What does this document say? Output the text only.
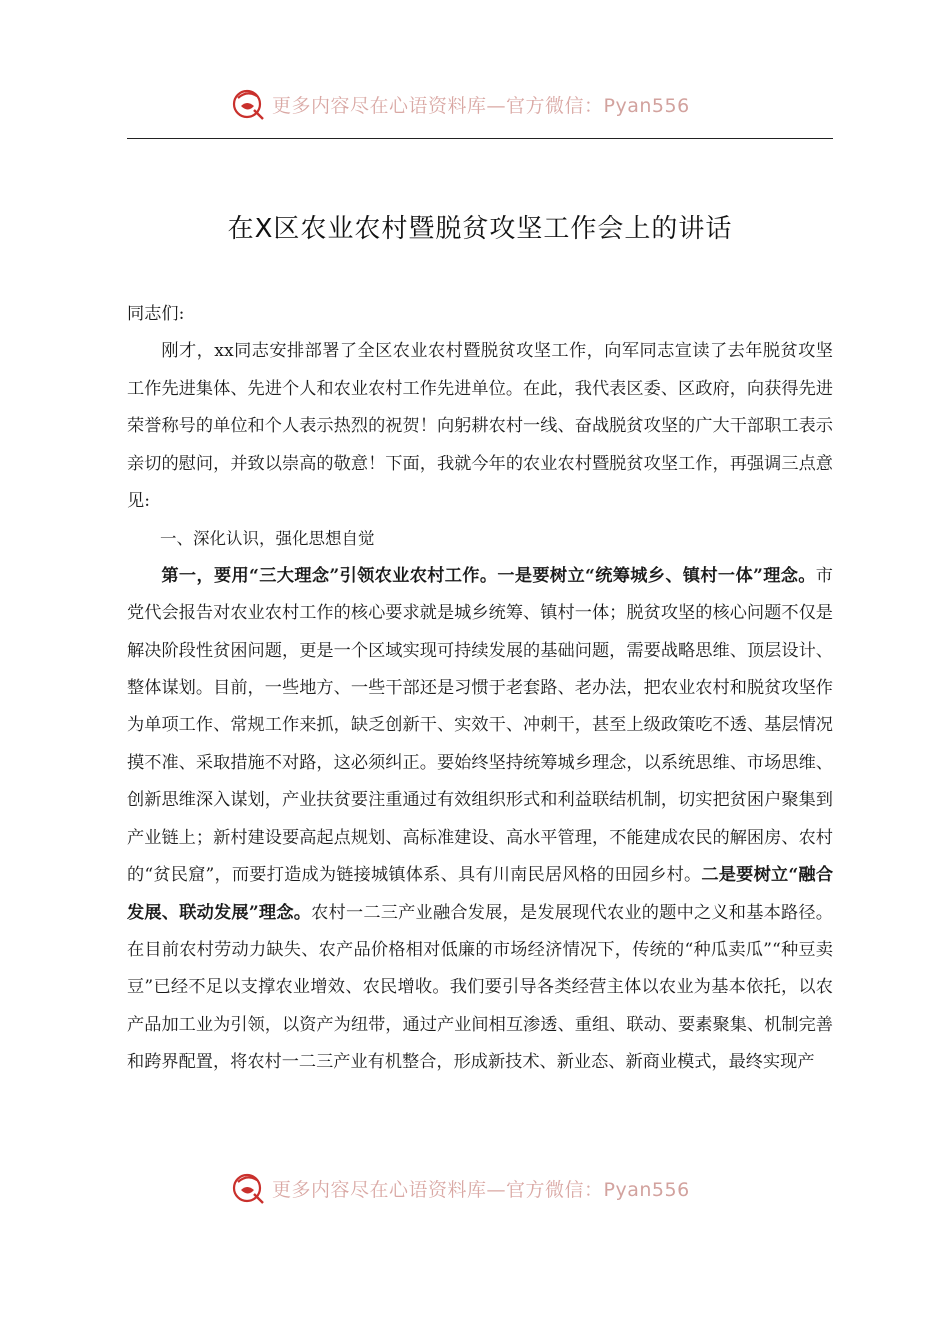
更多内容尽在心语资料库—官方微信：Pyan556
在X区农业农村暨脱贫攻坚工作会上的讲话

同志们:

刚才，xx同志安排部署了全区农业农村暨脱贫攻坚工作，向军同志宣读了去年脱贫攻坚工作先进集体、先进个人和农业农村工作先进单位。在此，我代表区委、区政府，向获得先进荣誉称号的单位和个人表示热烈的祝贺！向躬耕农村一线、奋战脱贫攻坚的广大干部职工表示亲切的慰问，并致以崇高的敬意！下面，我就今年的农业农村暨脱贫攻坚工作，再强调三点意见:

一、深化认识，强化思想自觉

第一，要用“三大理念”引领农业农村工作。一是要树立“统筹城乡、镇村一体”理念。市党代会报告对农业农村工作的核心要求就是城乡统筹、镇村一体；脱贫攻坚的核心问题不仅是解决阶段性贫困问题，更是一个区域实现可持续发展的基础问题，需要战略思维、顶层设计、整体谋划。目前，一些地方、一些干部还是习惯于老套路、老办法，把农业农村和脱贫攻坚作为单项工作、常规工作来抓，缺乏创新干、实效干、冲刺干，甚至上级政策吃不透、基层情况摸不准、采取措施不对路，这必须纠正。要始终坚持统筹城乡理念，以系统思维、市场思维、创新思维深入谋划，产业扶贫要注重通过有效组织形式和利益联结机制，切实把贫困户聚集到产业链上；新村建设要高起点规划、高标准建设、高水平管理，不能建成农民的解困房、农村的“贫民窟”，而要打造成为链接城镇体系、具有川南民居风格的田园乡村。二是要树立“融合发展、联动发展”理念。农村一二三产业融合发展，是发展现代农业的题中之义和基本路径。在目前农村劳动力缺失、农产品价格相对低廉的市场经济情况下，传统的“种瓜卖瓜”“种豆卖豆”已经不足以支撑农业增效、农民增收。我们要引导各类经营主体以农业为基本依托，以农产品加工业为引领，以资产为纽带，通过产业间相互渗透、重组、联动、要素聚集、机制完善和跨界配置，将农村一二三产业有机整合，形成新技术、新业态、新商业模式，最终实现产

更多内容尽在心语资料库—官方微信：Pyan556
